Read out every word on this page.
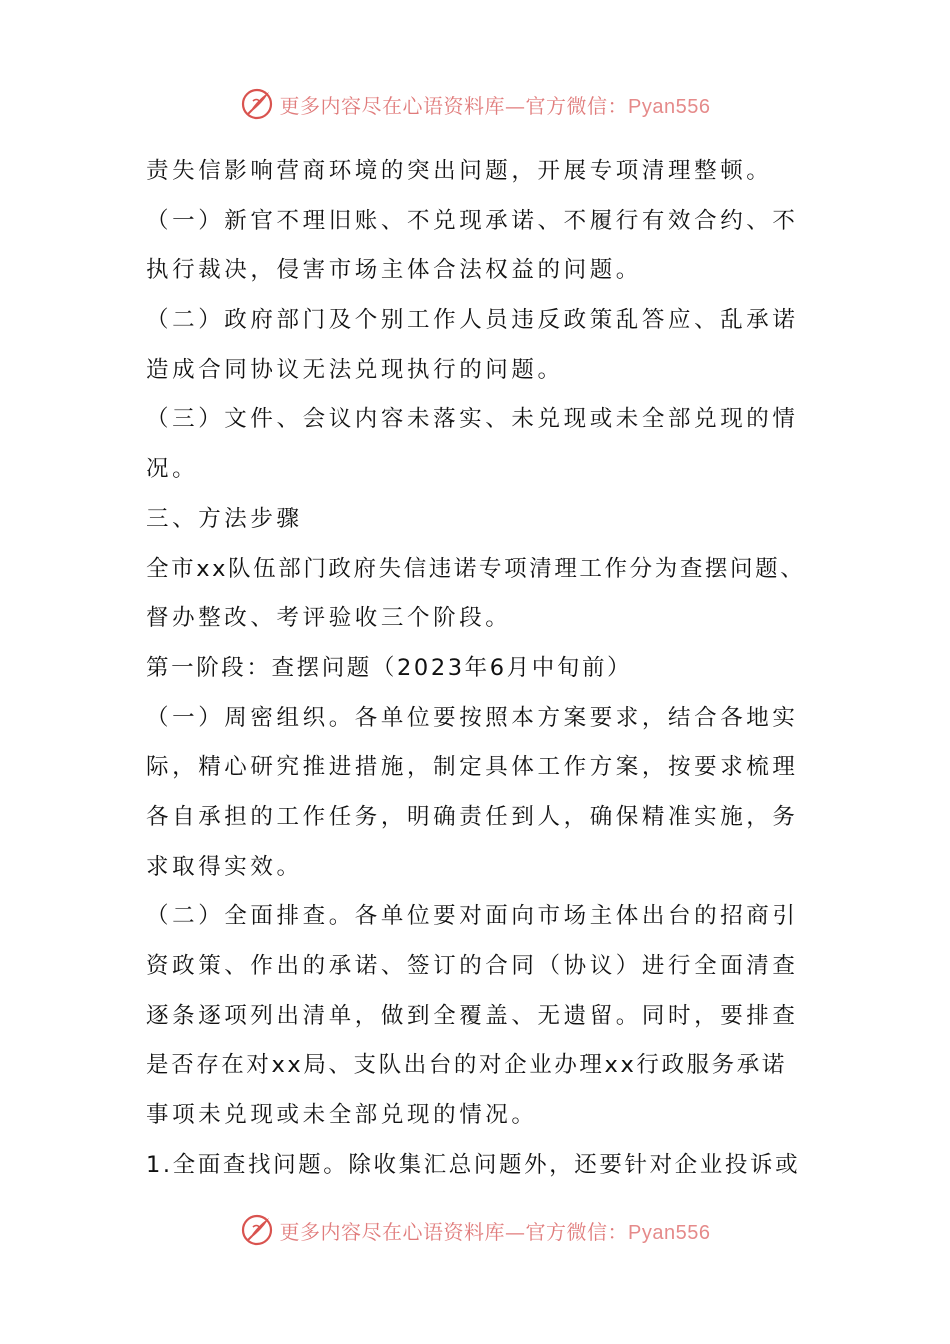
更多内容尽在心语资料库—官方微信：Pyan556
责失信影响营商环境的突出问题，开展专项清理整顿。
（一）新官不理旧账、不兑现承诺、不履行有效合约、不
执行裁决，侵害市场主体合法权益的问题。
（二）政府部门及个别工作人员违反政策乱答应、乱承诺
造成合同协议无法兑现执行的问题。
（三）文件、会议内容未落实、未兑现或未全部兑现的情
况。
三、方法步骤
全市xx队伍部门政府失信违诺专项清理工作分为查摆问题、
督办整改、考评验收三个阶段。
第一阶段：查摆问题（2023年6月中旬前）
（一）周密组织。各单位要按照本方案要求，结合各地实
际，精心研究推进措施，制定具体工作方案，按要求梳理
各自承担的工作任务，明确责任到人，确保精准实施，务
求取得实效。
（二）全面排查。各单位要对面向市场主体出台的招商引
资政策、作出的承诺、签订的合同（协议）进行全面清查
逐条逐项列出清单，做到全覆盖、无遗留。同时，要排查
是否存在对xx局、支队出台的对企业办理xx行政服务承诺
事项未兑现或未全部兑现的情况。
1.全面查找问题。除收集汇总问题外，还要针对企业投诉或
更多内容尽在心语资料库—官方微信：Pyan556
